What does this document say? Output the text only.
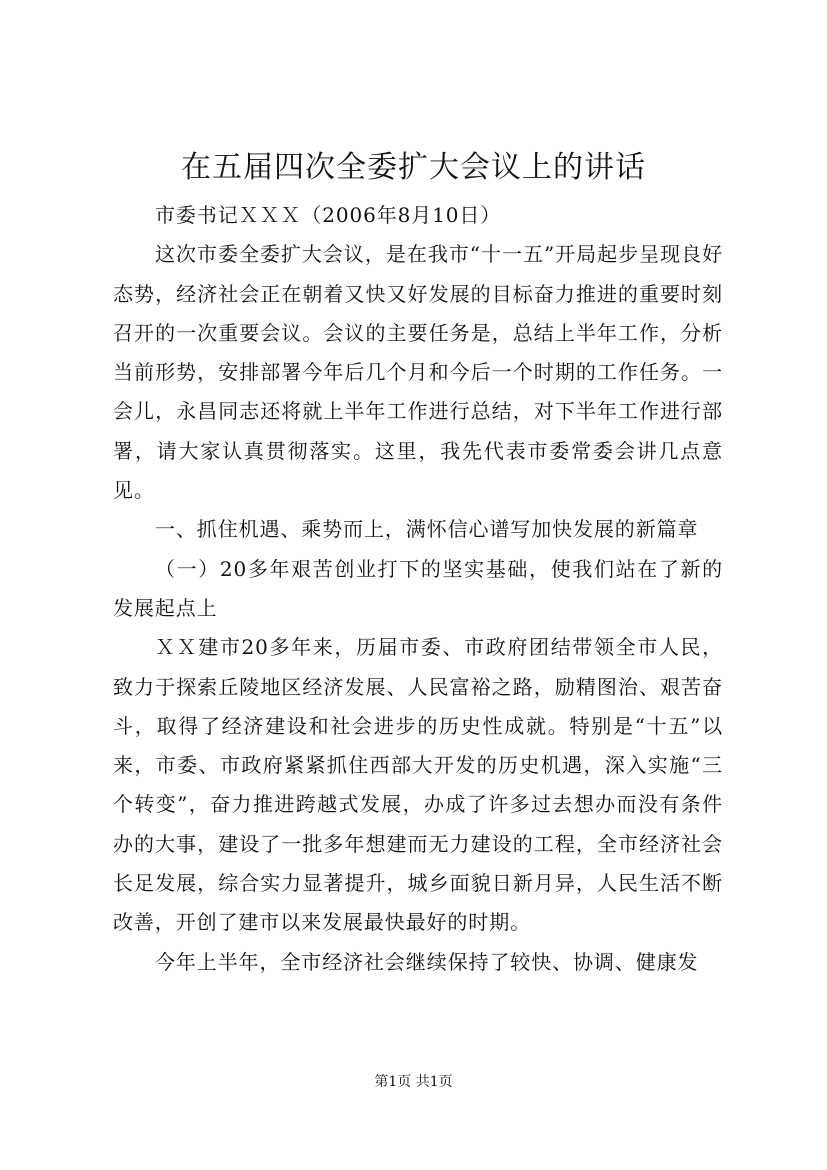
在五届四次全委扩大会议上的讲话

市委书记ＸＸＸ（2006年8月10日）

这次市委全委扩大会议，是在我市“十一五”开局起步呈现良好态势，经济社会正在朝着又快又好发展的目标奋力推进的重要时刻召开的一次重要会议。会议的主要任务是，总结上半年工作，分析当前形势，安排部署今年后几个月和今后一个时期的工作任务。一会儿，永昌同志还将就上半年工作进行总结，对下半年工作进行部署，请大家认真贯彻落实。这里，我先代表市委常委会讲几点意见。

一、抓住机遇、乘势而上，满怀信心谱写加快发展的新篇章

（一）20多年艰苦创业打下的坚实基础，使我们站在了新的发展起点上

ＸＸ建市20多年来，历届市委、市政府团结带领全市人民，致力于探索丘陵地区经济发展、人民富裕之路，励精图治、艰苦奋斗，取得了经济建设和社会进步的历史性成就。特别是“十五”以来，市委、市政府紧紧抓住西部大开发的历史机遇，深入实施“三个转变”，奋力推进跨越式发展，办成了许多过去想办而没有条件办的大事，建设了一批多年想建而无力建设的工程，全市经济社会长足发展，综合实力显著提升，城乡面貌日新月异，人民生活不断改善，开创了建市以来发展最快最好的时期。

今年上半年，全市经济社会继续保持了较快、协调、健康发

第1页 共1页
